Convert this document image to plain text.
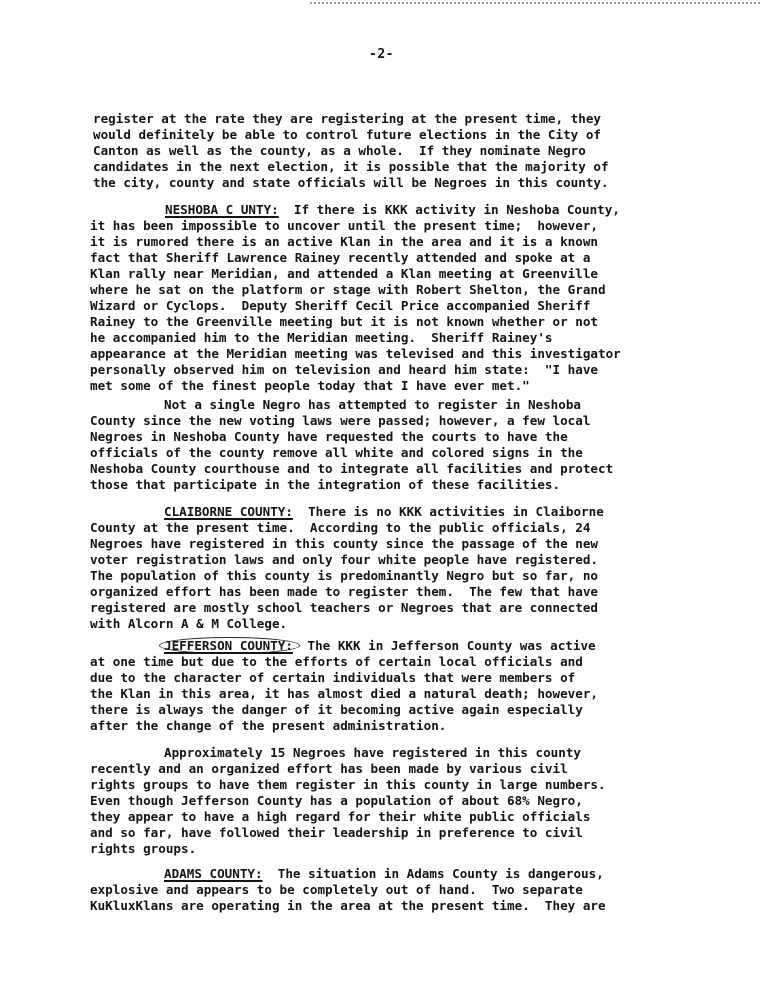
-2-
register at the rate they are registering at the present time, they
would definitely be able to control future elections in the City of
Canton as well as the county, as a whole.  If they nominate Negro
candidates in the next election, it is possible that the majority of
the city, county and state officials will be Negroes in this county.
NESHOBA C UNTY:  If there is KKK activity in Neshoba County,
it has been impossible to uncover until the present time;  however,
it is rumored there is an active Klan in the area and it is a known
fact that Sheriff Lawrence Rainey recently attended and spoke at a
Klan rally near Meridian, and attended a Klan meeting at Greenville
where he sat on the platform or stage with Robert Shelton, the Grand
Wizard or Cyclops.  Deputy Sheriff Cecil Price accompanied Sheriff
Rainey to the Greenville meeting but it is not known whether or not
he accompanied him to the Meridian meeting.  Sheriff Rainey's
appearance at the Meridian meeting was televised and this investigator
personally observed him on television and heard him state:  "I have
met some of the finest people today that I have ever met."
Not a single Negro has attempted to register in Neshoba
County since the new voting laws were passed; however, a few local
Negroes in Neshoba County have requested the courts to have the
officials of the county remove all white and colored signs in the
Neshoba County courthouse and to integrate all facilities and protect
those that participate in the integration of these facilities.
CLAIBORNE COUNTY:  There is no KKK activities in Claiborne
County at the present time.  According to the public officials, 24
Negroes have registered in this county since the passage of the new
voter registration laws and only four white people have registered.
The population of this county is predominantly Negro but so far, no
organized effort has been made to register them.  The few that have
registered are mostly school teachers or Negroes that are connected
with Alcorn A & M College.
JEFFERSON COUNTY: The KKK in Jefferson County was active
at one time but due to the efforts of certain local officials and
due to the character of certain individuals that were members of
the Klan in this area, it has almost died a natural death; however,
there is always the danger of it becoming active again especially
after the change of the present administration.
Approximately 15 Negroes have registered in this county
recently and an organized effort has been made by various civil
rights groups to have them register in this county in large numbers.
Even though Jefferson County has a population of about 68% Negro,
they appear to have a high regard for their white public officials
and so far, have followed their leadership in preference to civil
rights groups.
ADAMS COUNTY:  The situation in Adams County is dangerous,
explosive and appears to be completely out of hand.  Two separate
KuKluxKlans are operating in the area at the present time.  They are
